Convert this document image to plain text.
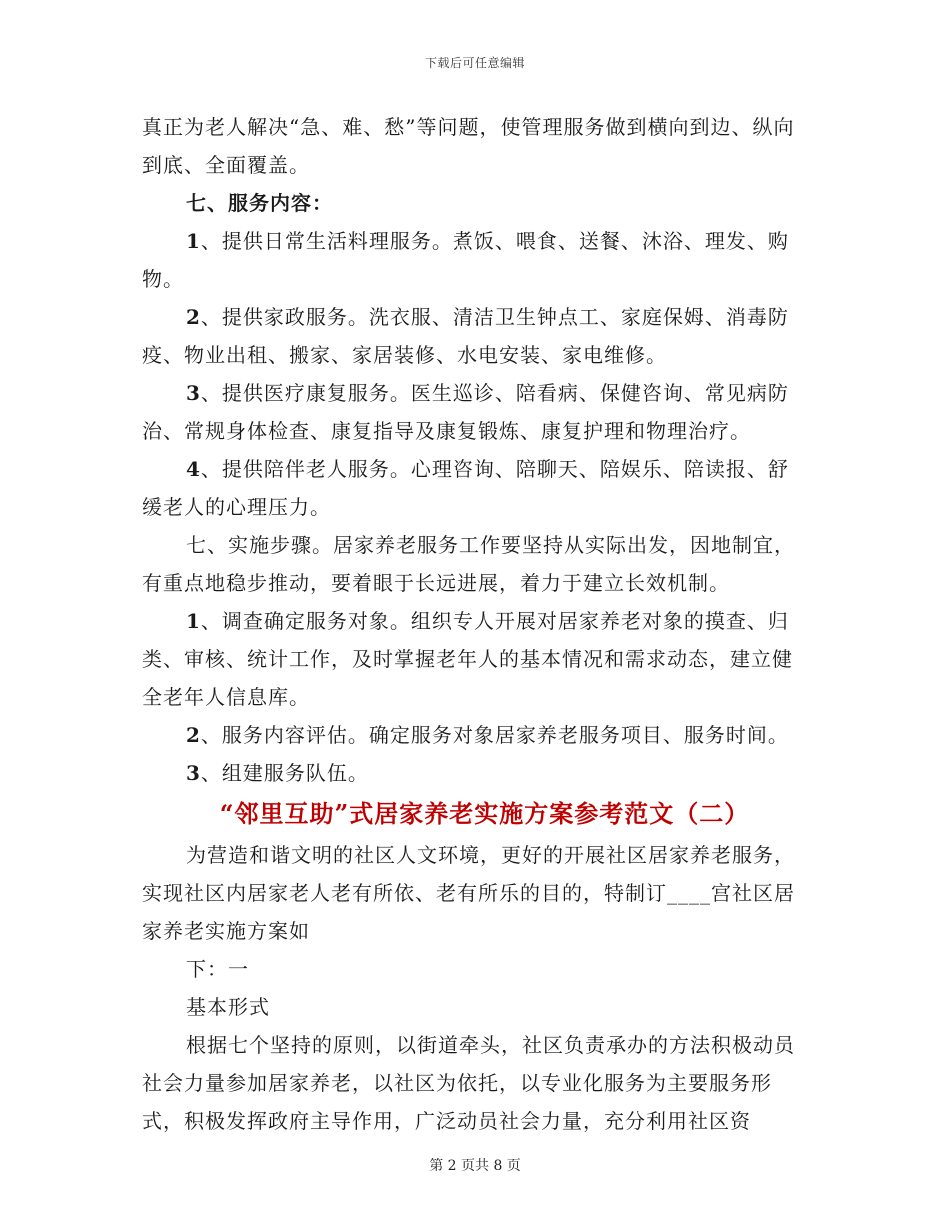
下载后可任意编辑

真正为老人解决“急、难、愁”等问题，使管理服务做到横向到边、纵向到底、全面覆盖。

七、服务内容：

1、提供日常生活料理服务。煮饭、喂食、送餐、沐浴、理发、购物。

2、提供家政服务。洗衣服、清洁卫生钟点工、家庭保姆、消毒防疫、物业出租、搬家、家居装修、水电安装、家电维修。

3、提供医疗康复服务。医生巡诊、陪看病、保健咨询、常见病防治、常规身体检查、康复指导及康复锻炼、康复护理和物理治疗。

4、提供陪伴老人服务。心理咨询、陪聊天、陪娱乐、陪读报、舒缓老人的心理压力。

七、实施步骤。居家养老服务工作要坚持从实际出发，因地制宜，有重点地稳步推动，要着眼于长远进展，着力于建立长效机制。

1、调查确定服务对象。组织专人开展对居家养老对象的摸查、归类、审核、统计工作，及时掌握老年人的基本情况和需求动态，建立健全老年人信息库。

2、服务内容评估。确定服务对象居家养老服务项目、服务时间。

3、组建服务队伍。

“邻里互助”式居家养老实施方案参考范文（二）

为营造和谐文明的社区人文环境，更好的开展社区居家养老服务，实现社区内居家老人老有所依、老有所乐的目的，特制订____宫社区居家养老实施方案如

下：一

基本形式

根据七个坚持的原则，以街道牵头，社区负责承办的方法积极动员社会力量参加居家养老，以社区为依托，以专业化服务为主要服务形式，积极发挥政府主导作用，广泛动员社会力量，充分利用社区资

第 2 页共 8 页
